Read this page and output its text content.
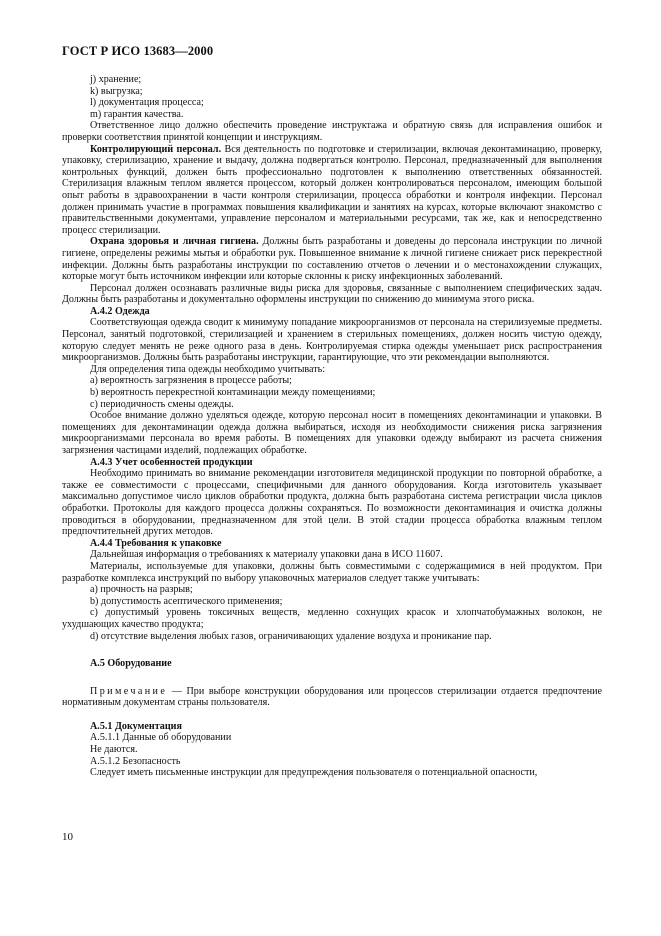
ГОСТ Р ИСО 13683—2000

j) хранение;

k) выгрузка;

l) документация процесса;

m) гарантия качества.

Ответственное лицо должно обеспечить проведение инструктажа и обратную связь для исправления ошибок и проверки соответствия принятой концепции и инструкциям.

Контролирующий персонал. Вся деятельность по подготовке и стерилизации, включая деконтаминацию, проверку, упаковку, стерилизацию, хранение и выдачу, должна подвергаться контролю. Персонал, предназначенный для выполнения контрольных функций, должен быть профессионально подготовлен к выполнению ответственных обязанностей. Стерилизация влажным теплом является процессом, который должен контролироваться персоналом, имеющим большой опыт работы в здравоохранении в части контроля стерилизации, процесса обработки и контроля инфекции. Персонал должен принимать участие в программах повышения квалификации и занятиях на курсах, которые включают знакомство с правительственными документами, управление персоналом и материальными ресурсами, так же, как и непосредственно процесс стерилизации.

Охрана здоровья и личная гигиена. Должны быть разработаны и доведены до персонала инструкции по личной гигиене, определены режимы мытья и обработки рук. Повышенное внимание к личной гигиене снижает риск перекрестной инфекции. Должны быть разработаны инструкции по составлению отчетов о лечении и о местонахождении служащих, которые могут быть источником инфекции или которые склонны к риску инфекционных заболеваний.

Персонал должен осознавать различные виды риска для здоровья, связанные с выполнением специфических задач. Должны быть разработаны и документально оформлены инструкции по снижению до минимума этого риска.

А.4.2 Одежда

Соответствующая одежда сводит к минимуму попадание микроорганизмов от персонала на стерилизуемые предметы. Персонал, занятый подготовкой, стерилизацией и хранением в стерильных помещениях, должен носить чистую одежду, которую следует менять не реже одного раза в день. Контролируемая стирка одежды уменьшает риск распространения микроорганизмов. Должны быть разработаны инструкции, гарантирующие, что эти рекомендации выполняются.

Для определения типа одежды необходимо учитывать:

a) вероятность загрязнения в процессе работы;

b) вероятность перекрестной контаминации между помещениями;

c) периодичность смены одежды.

Особое внимание должно уделяться одежде, которую персонал носит в помещениях деконтаминации и упаковки. В помещениях для деконтаминации одежда должна выбираться, исходя из необходимости снижения риска загрязнения микроорганизмами персонала во время работы. В помещениях для упаковки одежду выбирают из расчета снижения загрязнения частицами изделий, подлежащих обработке.

А.4.3 Учет особенностей продукции

Необходимо принимать во внимание рекомендации изготовителя медицинской продукции по повторной обработке, а также ее совместимости с процессами, специфичными для данного оборудования. Когда изготовитель указывает максимально допустимое число циклов обработки продукта, должна быть разработана система регистрации числа циклов обработки. Протоколы для каждого процесса должны сохраняться. По возможности деконтаминация и очистка должны проводиться в оборудовании, предназначенном для этой цели. В этой стадии процесса обработка влажным теплом предпочтительней других методов.

А.4.4 Требования к упаковке

Дальнейшая информация о требованиях к материалу упаковки дана в ИСО 11607.

Материалы, используемые для упаковки, должны быть совместимыми с содержащимися в ней продуктом. При разработке комплекса инструкций по выбору упаковочных материалов следует также учитывать:

a) прочность на разрыв;

b) допустимость асептического применения;

c) допустимый уровень токсичных веществ, медленно сохнущих красок и хлопчатобумажных волокон, не ухудшающих качество продукта;

d) отсутствие выделения любых газов, ограничивающих удаление воздуха и проникание пар.

А.5 Оборудование

Примечание — При выборе конструкции оборудования или процессов стерилизации отдается предпочтение нормативным документам страны пользователя.

А.5.1 Документация

А.5.1.1 Данные об оборудовании

Не даются.

А.5.1.2 Безопасность

Следует иметь письменные инструкции для предупреждения пользователя о потенциальной опасности,

10
